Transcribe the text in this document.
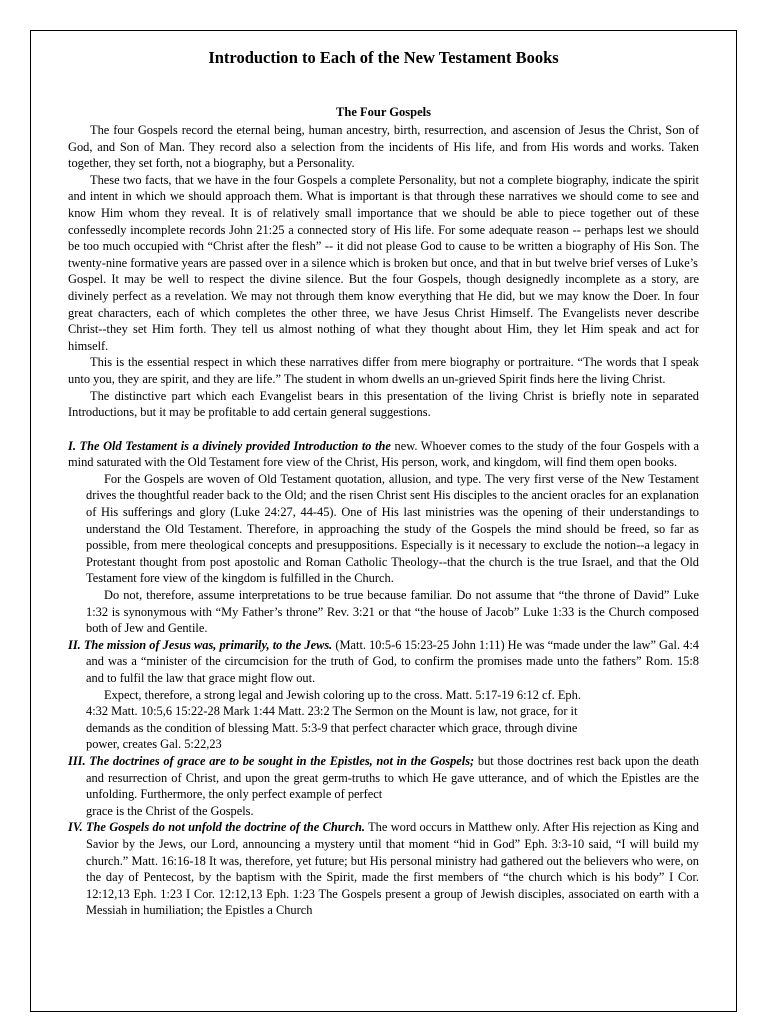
Introduction to Each of the New Testament Books
The Four Gospels

The four Gospels record the eternal being, human ancestry, birth, resurrection, and ascension of Jesus the Christ, Son of God, and Son of Man. They record also a selection from the incidents of His life, and from His words and works. Taken together, they set forth, not a biography, but a Personality.

These two facts, that we have in the four Gospels a complete Personality, but not a complete biography, indicate the spirit and intent in which we should approach them. What is important is that through these narratives we should come to see and know Him whom they reveal. It is of relatively small importance that we should be able to piece together out of these confessedly incomplete records John 21:25 a connected story of His life. For some adequate reason -- perhaps lest we should be too much occupied with “Christ after the flesh” -- it did not please God to cause to be written a biography of His Son. The twenty-nine formative years are passed over in a silence which is broken but once, and that in but twelve brief verses of Luke’s

Gospel. It may be well to respect the divine silence. But the four Gospels, though designedly incomplete as a story, are divinely perfect as a revelation. We may not through them know everything that He did, but we may know the Doer. In four great characters, each of which completes the other three, we have Jesus Christ Himself. The Evangelists never describe Christ--they set Him forth. They tell us almost nothing of what they thought about Him, they let Him speak and act for himself.

This is the essential respect in which these narratives differ from mere biography or portraiture. “The words that I speak unto you, they are spirit, and they are life.” The student in whom dwells an un-grieved Spirit finds here the living Christ.

The distinctive part which each Evangelist bears in this presentation of the living Christ is briefly note in separated Introductions, but it may be profitable to add certain general suggestions.

I. The Old Testament is a divinely provided Introduction to the new. Whoever comes to the study of the four Gospels with a mind saturated with the Old Testament fore view of the Christ, His person, work, and kingdom, will find them open books.

For the Gospels are woven of Old Testament quotation, allusion, and type. The very first verse of the New Testament drives the thoughtful reader back to the Old; and the risen Christ sent His disciples to the ancient oracles for an explanation of His sufferings and glory (Luke 24:27, 44-45). One of His last ministries was the opening of their understandings to understand the Old Testament. Therefore, in approaching the study of the Gospels the mind should be freed, so far as possible, from mere theological concepts and presuppositions. Especially is it necessary to exclude the notion--a legacy in Protestant thought from post apostolic and Roman Catholic Theology--that the church is the true Israel, and that the Old Testament fore view of the kingdom is fulfilled in the Church.

Do not, therefore, assume interpretations to be true because familiar. Do not assume that “the throne of David” Luke 1:32 is synonymous with “My Father’s throne” Rev. 3:21 or that “the house of Jacob” Luke 1:33 is the Church composed both of Jew and Gentile.

II. The mission of Jesus was, primarily, to the Jews. (Matt. 10:5-6 15:23-25 John 1:11) He was “made under the law” Gal. 4:4 and was a “minister of the circumcision for the truth of God, to confirm the promises made unto the fathers” Rom. 15:8 and to fulfil the law that grace might flow out.

Expect, therefore, a strong legal and Jewish coloring up to the cross. Matt. 5:17-19 6:12 cf. Eph.
4:32 Matt. 10:5,6 15:22-28 Mark 1:44 Matt. 23:2 The Sermon on the Mount is law, not grace, for it
demands as the condition of blessing Matt. 5:3-9 that perfect character which grace, through divine
power, creates Gal. 5:22,23

III. The doctrines of grace are to be sought in the Epistles, not in the Gospels; but those doctrines rest back upon the death and resurrection of Christ, and upon the great germ-truths to which He gave utterance, and of which the Epistles are the unfolding. Furthermore, the only perfect example of perfect

grace is the Christ of the Gospels.

IV. The Gospels do not unfold the doctrine of the Church. The word occurs in Matthew only. After His rejection as King and Savior by the Jews, our Lord, announcing a mystery until that moment “hid in God” Eph. 3:3-10 said, “I will build my church.” Matt. 16:16-18 It was, therefore, yet future; but His personal ministry had gathered out the believers who were, on the day of Pentecost, by the baptism with the Spirit, made the first members of “the church which is his body” I Cor. 12:12,13 Eph. 1:23 I Cor. 12:12,13 Eph. 1:23 The Gospels present a group of Jewish disciples, associated on earth with a Messiah in humiliation; the Epistles a Church
